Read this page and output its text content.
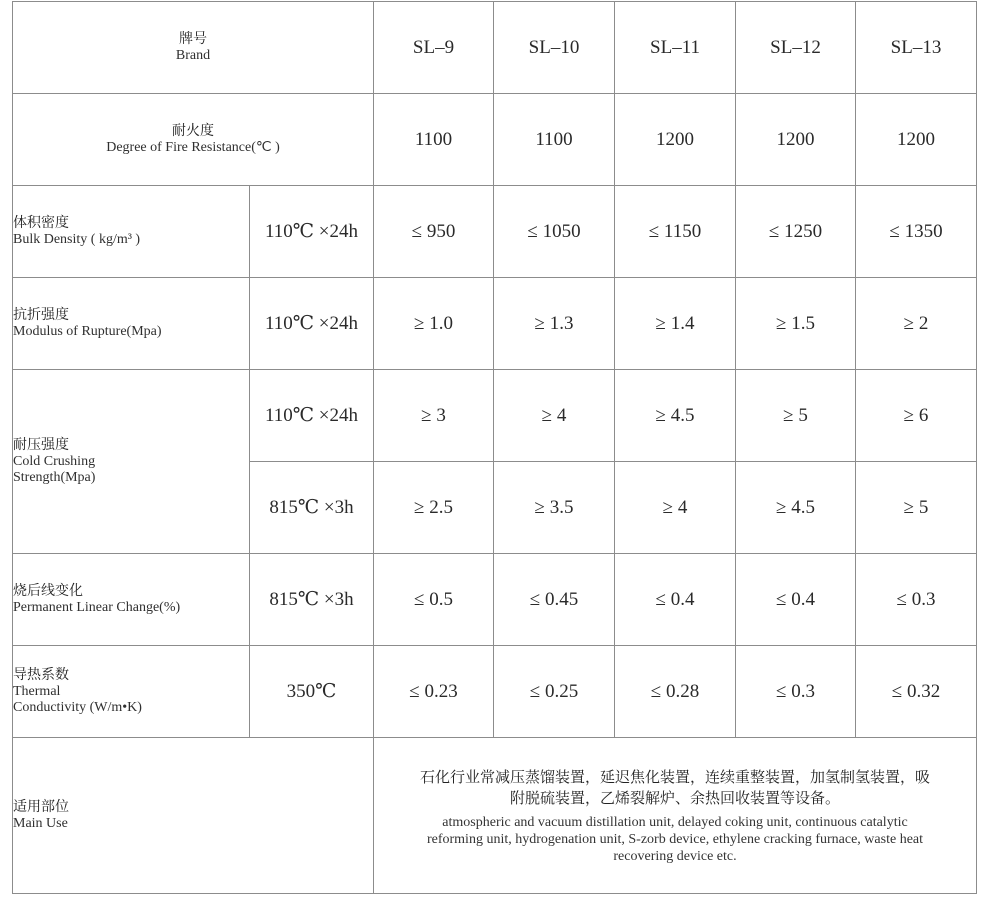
牌号
Brand		SL–9	SL–10	SL–11	SL–12	SL–13

耐火度
Degree of Fire Resistance(℃ )		1100	1100	1200	1200	1200

体积密度
Bulk Density ( kg/m³ )	110℃ ×24h	≤ 950	≤ 1050	≤ 1150	≤ 1250	≤ 1350

抗折强度
Modulus of Rupture(Mpa)	110℃ ×24h	≥ 1.0	≥ 1.3	≥ 1.4	≥ 1.5	≥ 2

耐压强度
Cold Crushing
Strength(Mpa)	110℃ ×24h	≥ 3	≥ 4	≥ 4.5	≥ 5	≥ 6
	815℃ ×3h	≥ 2.5	≥ 3.5	≥ 4	≥ 4.5	≥ 5

烧后线变化
Permanent Linear Change(%)	815℃ ×3h	≤ 0.5	≤ 0.45	≤ 0.4	≤ 0.4	≤ 0.3

导热系数
Thermal
Conductivity (W/m•K)	350℃	≤ 0.23	≤ 0.25	≤ 0.28	≤ 0.3	≤ 0.32

适用部位
Main Use		石化行业常减压蒸馏装置，延迟焦化装置，连续重整装置，加氢制氢装置，吸附脱硫装置，乙烯裂解炉、余热回收装置等设备。
atmospheric and vacuum distillation unit, delayed coking unit, continuous catalytic reforming unit, hydrogenation unit, S-zorb device, ethylene cracking furnace, waste heat recovering device etc.				
